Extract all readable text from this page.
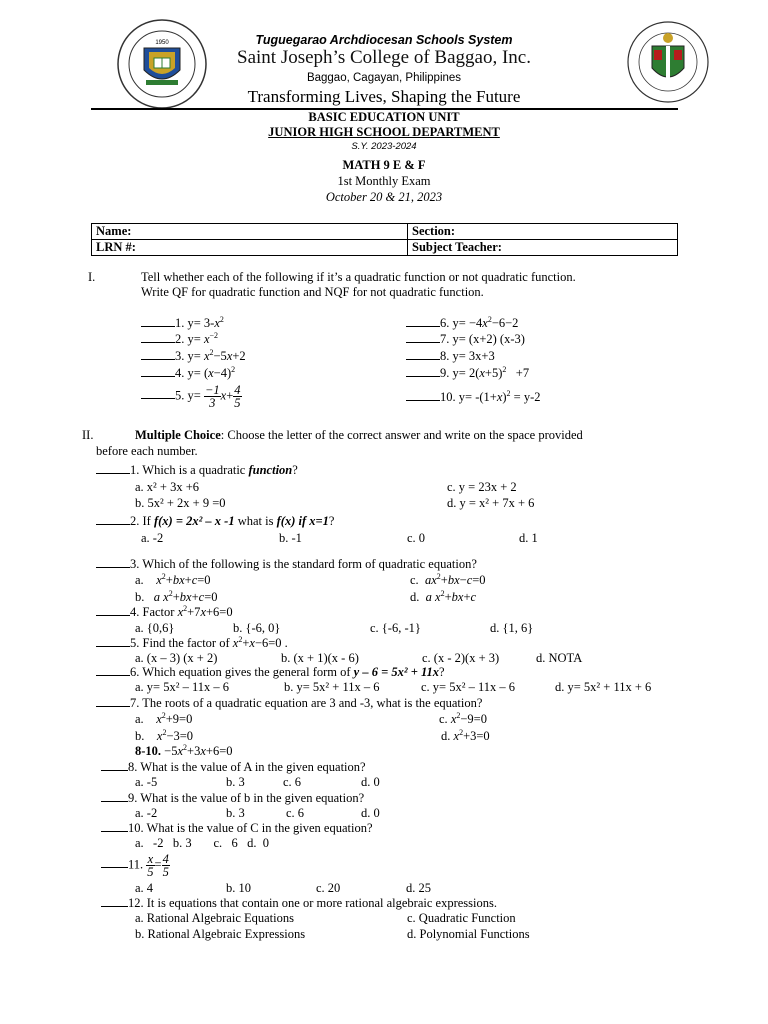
1950	Tuguegarao Archdiocesan Schools System
Saint Joseph’s College of Baggao, Inc.
Baggao, Cagayan, Philippines
Transforming Lives, Shaping the Future
BASIC EDUCATION UNIT
JUNIOR HIGH SCHOOL DEPARTMENT
S.Y. 2023-2024
MATH 9 E & F
1st Monthly Exam
October 20 & 21, 2023
Name:	Section:
LRN #:	Subject Teacher:
I.	Tell whether each of the following if it’s a quadratic function or not quadratic function.
Write QF for quadratic function and NQF for not quadratic function.
1. $y= 3-x^2$
2. $y= x^{-2}$
3. $y= x^2-5x+2$
4. $y= (x-4)^2$
5. $y= \frac{-1}{3} x+ \frac{4}{5}$
6. $y= -4x^2-6-2$
7. y= (x+2) (x-3)
8. y= 3x+3
9. $y= 2(x+5)^2 +7$
10. $y= -(1+x)^2 = y-2$
II.	Multiple Choice: Choose the letter of the correct answer and write on the space provided
before each number.
1. Which is a quadratic function?
a. x² + 3x +6
b. 5x² + 2x + 9 =0
c. y = 23x + 2
d. y = x² + 7x + 6
2. If f(x) = 2x² – x -1 what is f(x) if x=1?
a. -2	b. -1	c. 0	d. 1
3. Which of the following is the standard form of quadratic equation?
a.    $x^2+bx+c=0$
b.   a $x^2+bx+c=0$
c.  $ax^2+bx-c=0$
d.  a $x^2+bx+c$
4. Factor $x^2+7x+6=0$
a. {0,6}	b. {-6, 0}	c. {-6, -1}	d. {1, 6}
5. Find the factor of $x^2+x-6=0$ .
a. (x – 3) (x + 2)	b. (x + 1)(x - 6)	c. (x - 2)(x + 3)	d. NOTA
6. Which equation gives the general form of y – 6 = 5x² + 11x?
a. y= 5x² – 11x – 6	b. y= 5x² + 11x – 6	c. y= 5x² – 11x – 6	d. y= 5x² + 11x + 6
7. The roots of a quadratic equation are 3 and -3, what is the equation?
a.    $x^2+9=0$
b.    $x^2-3=0$
c. $x^2-9=0$
d. $x^2+3=0$
8-10. $-5x^2+3x+6=0$
8. What is the value of A in the given equation?
a. -5	b. 3	c. 6	d. 0
9. What is the value of b in the given equation?
a. -2	b. 3	c. 6	d. 0
10. What is the value of C in the given equation?
a.   -2   b. 3       c.   6   d.  0
11. $\frac{x}{5} = \frac{4}{5}$
a. 4	b. 10	c. 20	d. 25
12. It is equations that contain one or more rational algebraic expressions.
a. Rational Algebraic Equations
b. Rational Algebraic Expressions
c. Quadratic Function
d. Polynomial Functions
